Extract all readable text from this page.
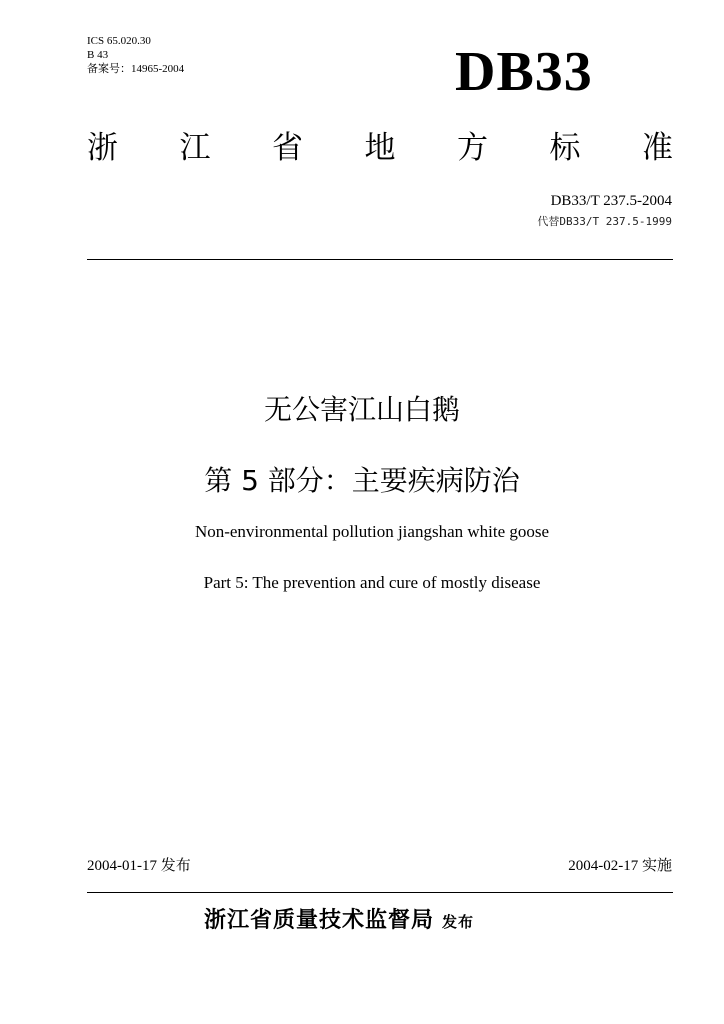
ICS 65.020.30
B 43
备案号：14965-2004	DB33
浙 江 省 地 方 标 准
DB33/T 237.5-2004
代替DB33/T 237.5-1999
无公害江山白鹅
第 5 部分：主要疾病防治
Non-environmental pollution jiangshan white goose
Part 5: The prevention and cure of mostly disease
2004-01-17 发布	2004-02-17 实施
浙江省质量技术监督局 发布
